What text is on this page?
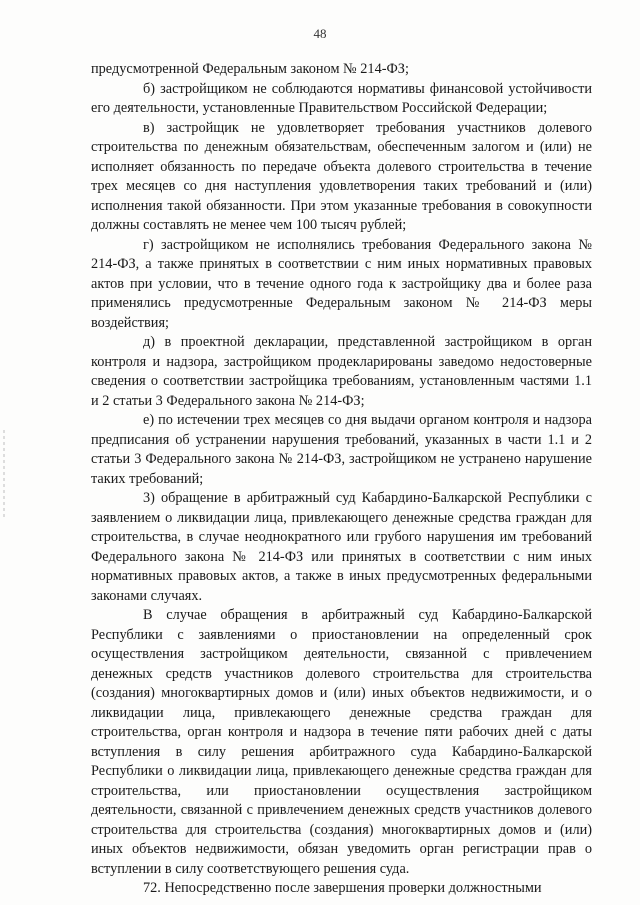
48

предусмотренной Федеральным законом № 214-ФЗ;

б) застройщиком не соблюдаются нормативы финансовой устойчивости его деятельности, установленные Правительством Российской Федерации;

в) застройщик не удовлетворяет требования участников долевого строительства по денежным обязательствам, обеспеченным залогом и (или) не исполняет обязанность по передаче объекта долевого строительства в течение трех месяцев со дня наступления удовлетворения таких требований и (или) исполнения такой обязанности. При этом указанные требования в совокупности должны составлять не менее чем 100 тысяч рублей;

г) застройщиком не исполнялись требования Федерального закона № 214-ФЗ, а также принятых в соответствии с ним иных нормативных правовых актов при условии, что в течение одного года к застройщику два и более раза применялись предусмотренные Федеральным законом № 214-ФЗ меры воздействия;

д) в проектной декларации, представленной застройщиком в орган контроля и надзора, застройщиком продекларированы заведомо недостоверные сведения о соответствии застройщика требованиям, установленным частями 1.1 и 2 статьи 3 Федерального закона № 214-ФЗ;

е) по истечении трех месяцев со дня выдачи органом контроля и надзора предписания об устранении нарушения требований, указанных в части 1.1 и 2 статьи 3 Федерального закона № 214-ФЗ, застройщиком не устранено нарушение таких требований;

3) обращение в арбитражный суд Кабардино-Балкарской Республики с заявлением о ликвидации лица, привлекающего денежные средства граждан для строительства, в случае неоднократного или грубого нарушения им требований Федерального закона № 214-ФЗ или принятых в соответствии с ним иных нормативных правовых актов, а также в иных предусмотренных федеральными законами случаях.

В случае обращения в арбитражный суд Кабардино-Балкарской Республики с заявлениями о приостановлении на определенный срок осуществления застройщиком деятельности, связанной с привлечением денежных средств участников долевого строительства для строительства (создания) многоквартирных домов и (или) иных объектов недвижимости, и о ликвидации лица, привлекающего денежные средства граждан для строительства, орган контроля и надзора в течение пяти рабочих дней с даты вступления в силу решения арбитражного суда Кабардино-Балкарской Республики о ликвидации лица, привлекающего денежные средства граждан для строительства, или приостановлении осуществления застройщиком деятельности, связанной с привлечением денежных средств участников долевого строительства для строительства (создания) многоквартирных домов и (или) иных объектов недвижимости, обязан уведомить орган регистрации прав о вступлении в силу соответствующего решения суда.

72. Непосредственно после завершения проверки должностными
